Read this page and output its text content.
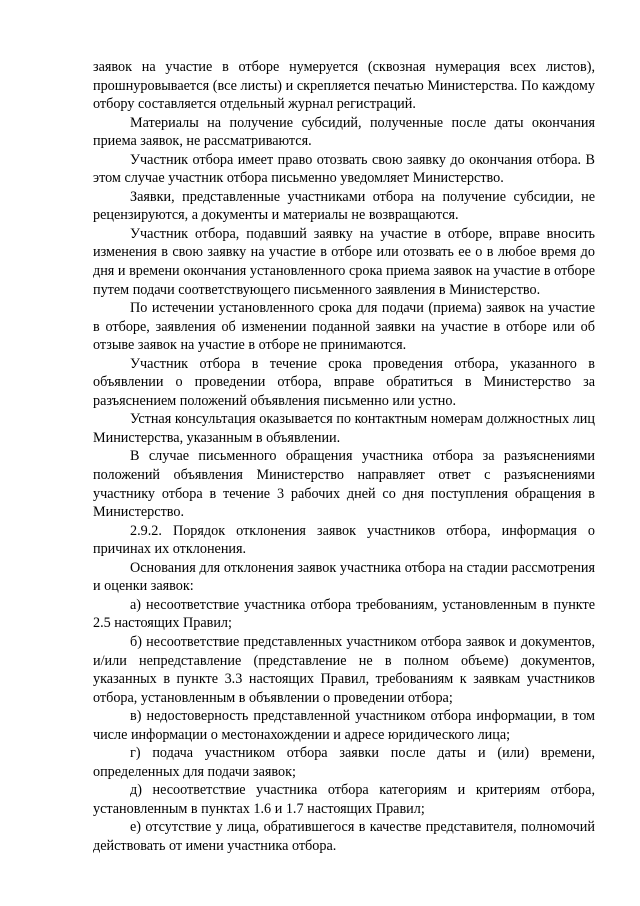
заявок на участие в отборе нумеруется (сквозная нумерация всех листов), прошнуровывается (все листы) и скрепляется печатью Министерства. По каждому отбору составляется отдельный журнал регистраций.

Материалы на получение субсидий, полученные после даты окончания приема заявок, не рассматриваются.

Участник отбора имеет право отозвать свою заявку до окончания отбора. В этом случае участник отбора письменно уведомляет Министерство.

Заявки, представленные участниками отбора на получение субсидии, не рецензируются, а документы и материалы не возвращаются.

Участник отбора, подавший заявку на участие в отборе, вправе вносить изменения в свою заявку на участие в отборе или отозвать ее о в любое время до дня и времени окончания установленного срока приема заявок на участие в отборе путем подачи соответствующего письменного заявления в Министерство.

По истечении установленного срока для подачи (приема) заявок на участие в отборе, заявления об изменении поданной заявки на участие в отборе или об отзыве заявок на участие в отборе не принимаются.

Участник отбора в течение срока проведения отбора, указанного в объявлении о проведении отбора, вправе обратиться в Министерство за разъяснением положений объявления письменно или устно.

Устная консультация оказывается по контактным номерам должностных лиц Министерства, указанным в объявлении.

В случае письменного обращения участника отбора за разъяснениями положений объявления Министерство направляет ответ с разъяснениями участнику отбора в течение 3 рабочих дней со дня поступления обращения в Министерство.

2.9.2. Порядок отклонения заявок участников отбора, информация о причинах их отклонения.

Основания для отклонения заявок участника отбора на стадии рассмотрения и оценки заявок:

а) несоответствие участника отбора требованиям, установленным в пункте 2.5 настоящих Правил;

б) несоответствие представленных участником отбора заявок и документов, и/или непредставление (представление не в полном объеме) документов, указанных в пункте 3.3 настоящих Правил, требованиям к заявкам участников отбора, установленным в объявлении о проведении отбора;

в) недостоверность представленной участником отбора информации, в том числе информации о местонахождении и адресе юридического лица;

г) подача участником отбора заявки после даты и (или) времени, определенных для подачи заявок;

д) несоответствие участника отбора категориям и критериям отбора, установленным в пунктах 1.6 и 1.7 настоящих Правил;

е) отсутствие у лица, обратившегося в качестве представителя, полномочий действовать от имени участника отбора.
